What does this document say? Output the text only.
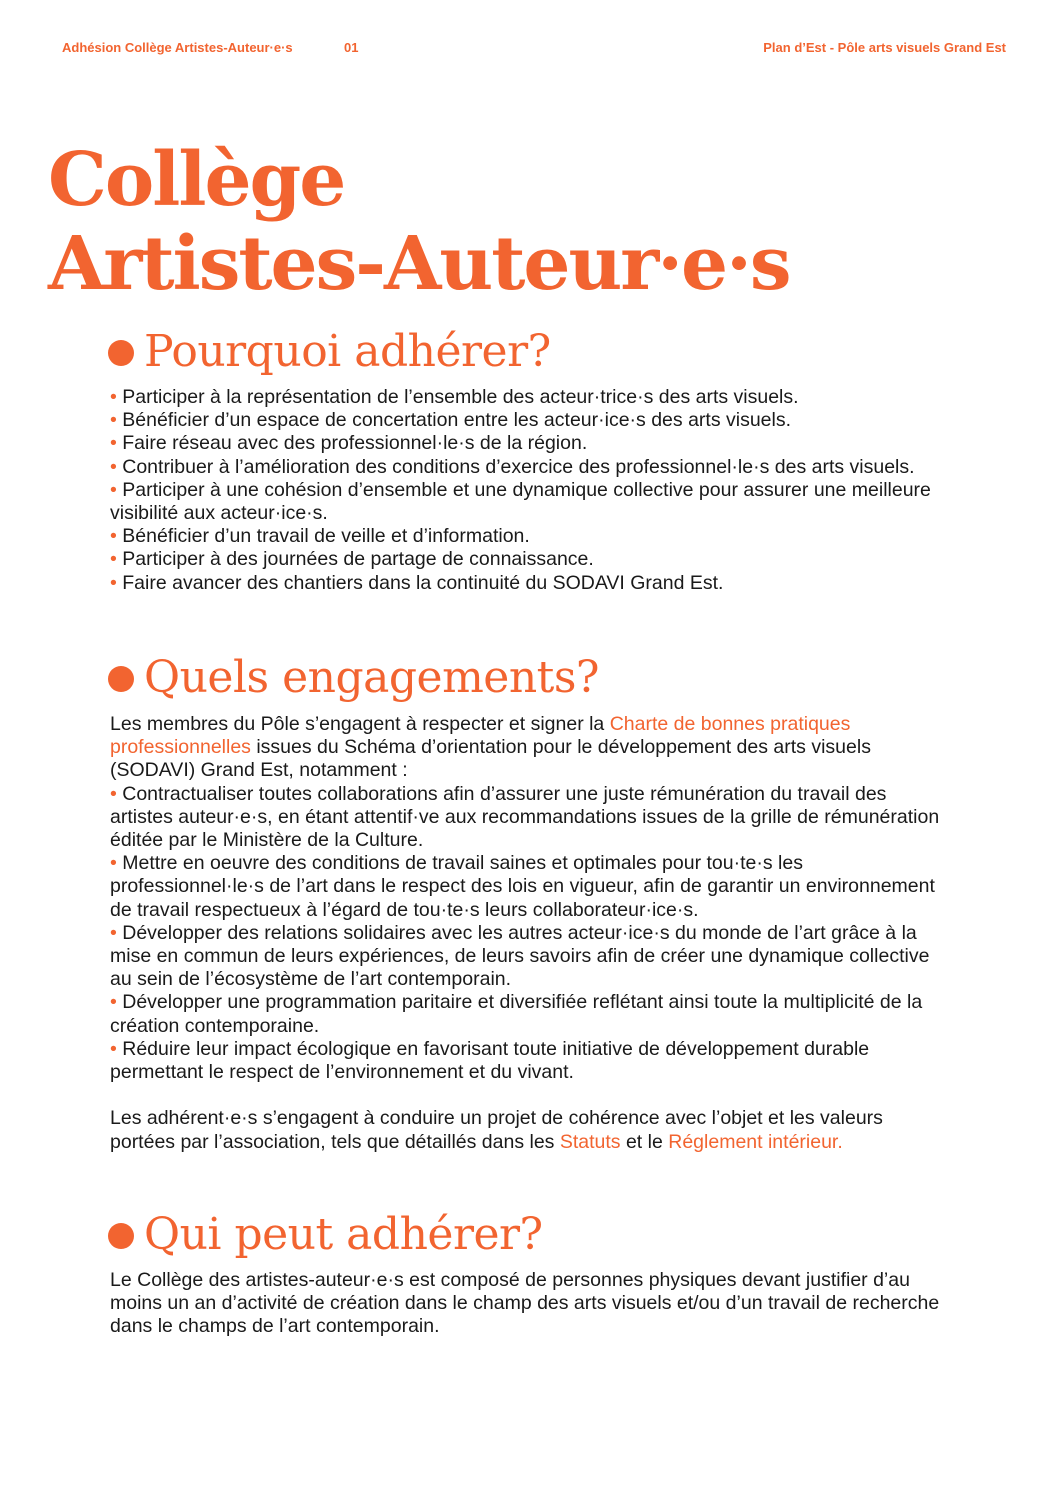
Adhésion Collège Artistes-Auteur·e·s	01	Plan d’Est - Pôle arts visuels Grand Est
Collège
Artistes-Auteur·e·s
Pourquoi adhérer?

• Participer à la représentation de l’ensemble des acteur·trice·s des arts visuels.

• Bénéficier d’un espace de concertation entre les acteur·ice·s des arts visuels.

• Faire réseau avec des professionnel·le·s de la région.

• Contribuer à l’amélioration des conditions d’exercice des professionnel·le·s des arts visuels.

• Participer à une cohésion d’ensemble et une dynamique collective pour assurer une meilleure visibilité aux acteur·ice·s.

• Bénéficier d’un travail de veille et d’information.

• Participer à des journées de partage de connaissance.

• Faire avancer des chantiers dans la continuité du SODAVI Grand Est.

Quels engagements?

Les membres du Pôle s’engagent à respecter et signer la Charte de bonnes pratiques professionnelles issues du Schéma d’orientation pour le développement des arts visuels (SODAVI) Grand Est, notamment :

• Contractualiser toutes collaborations afin d’assurer une juste rémunération du travail des artistes auteur·e·s, en étant attentif·ve aux recommandations issues de la grille de rémunération éditée par le Ministère de la Culture.

• Mettre en oeuvre des conditions de travail saines et optimales pour tou·te·s les professionnel·le·s de l’art dans le respect des lois en vigueur, afin de garantir un environnement de travail respectueux à l’égard de tou·te·s leurs collaborateur·ice·s.

• Développer des relations solidaires avec les autres acteur·ice·s du monde de l’art grâce à la mise en commun de leurs expériences, de leurs savoirs afin de créer une dynamique collective au sein de l’écosystème de l’art contemporain.

• Développer une programmation paritaire et diversifiée reflétant ainsi toute la multiplicité de la création contemporaine.

• Réduire leur impact écologique en favorisant toute initiative de développement durable permettant le respect de l’environnement et du vivant.

Les adhérent·e·s s’engagent à conduire un projet de cohérence avec l’objet et les valeurs portées par l’association, tels que détaillés dans les Statuts et le Réglement intérieur.

Qui peut adhérer?

Le Collège des artistes-auteur·e·s est composé de personnes physiques devant justifier d’au moins un an d’activité de création dans le champ des arts visuels et/ou d’un travail de recherche dans le champs de l’art contemporain.
